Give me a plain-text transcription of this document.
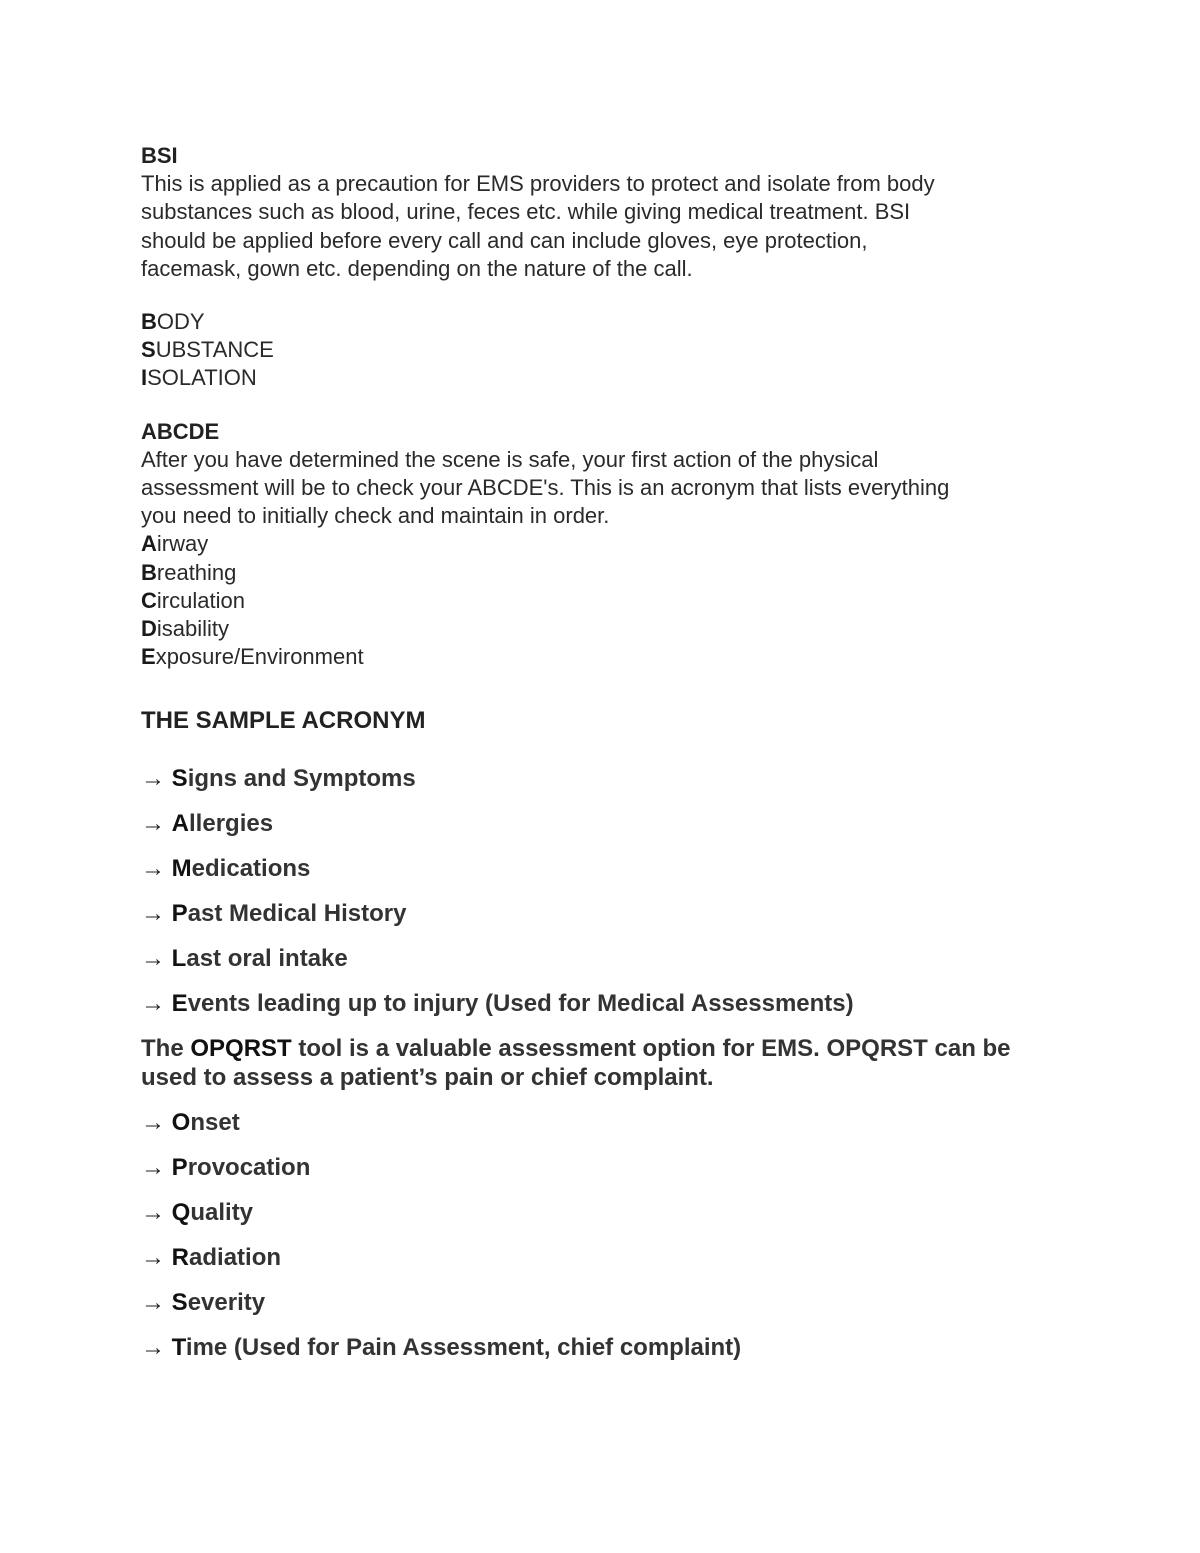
BSI
This is applied as a precaution for EMS providers to protect and isolate from body
substances such as blood, urine, feces etc. while giving medical treatment. BSI
should be applied before every call and can include gloves, eye protection,
facemask, gown etc. depending on the nature of the call.
BODY
SUBSTANCE
ISOLATION
ABCDE
After you have determined the scene is safe, your first action of the physical
assessment will be to check your ABCDE's. This is an acronym that lists everything
you need to initially check and maintain in order.
Airway
Breathing
Circulation
Disability
Exposure/Environment
THE SAMPLE ACRONYM
→ Signs and Symptoms
→ Allergies
→ Medications
→ Past Medical History
→ Last oral intake
→ Events leading up to injury (Used for Medical Assessments)
The OPQRST tool is a valuable assessment option for EMS. OPQRST can be used to assess a patient’s pain or chief complaint.
→ Onset
→ Provocation
→ Quality
→ Radiation
→ Severity
→ Time (Used for Pain Assessment, chief complaint)
